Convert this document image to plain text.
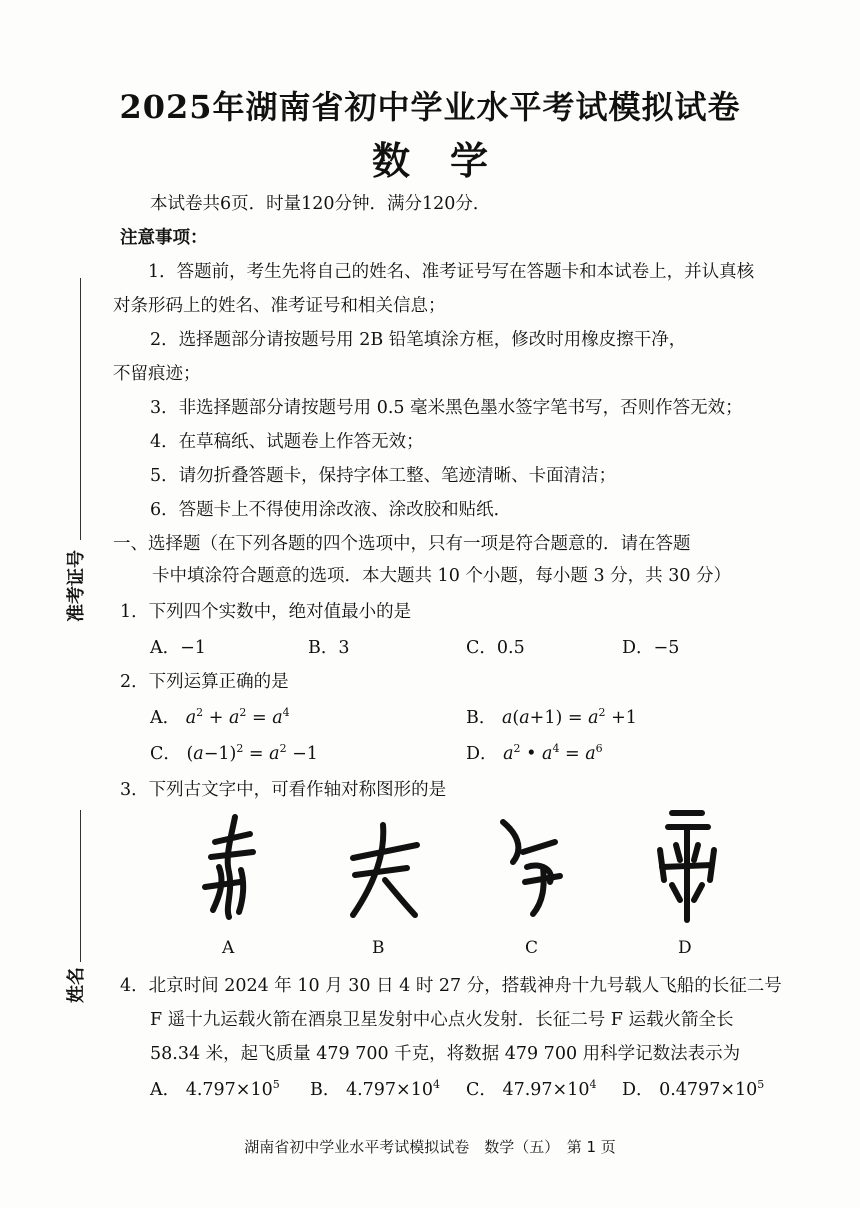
2025年湖南省初中学业水平考试模拟试卷
数学
本试卷共6页．时量120分钟．满分120分．
注意事项：
1．答题前，考生先将自己的姓名、准考证号写在答题卡和本试卷上，并认真核
对条形码上的姓名、准考证号和相关信息；
2．选择题部分请按题号用 2B 铅笔填涂方框，修改时用橡皮擦干净，
不留痕迹；
3．非选择题部分请按题号用 0.5 毫米黑色墨水签字笔书写，否则作答无效；
4．在草稿纸、试题卷上作答无效；
5．请勿折叠答题卡，保持字体工整、笔迹清晰、卡面清洁；
6．答题卡上不得使用涂改液、涂改胶和贴纸．
一、选择题（在下列各题的四个选项中，只有一项是符合题意的．请在答题
卡中填涂符合题意的选项．本大题共 10 个小题，每小题 3 分，共 30 分）
1．下列四个实数中，绝对值最小的是
A．−1	B．3	C．0.5	D．−5
2．下列运算正确的是
A． $a^2 + a^2 = a^4$	B． $a(a+1) = a^2 +1$
C． $(a-1)^2 = a^2 -1$	D． $a^2$ • $a^4 = a^6$
3．下列古文字中，可看作轴对称图形的是
A	B	C	D
4．北京时间 2024 年 10 月 30 日 4 时 27 分，搭载神舟十九号载人飞船的长征二号
F 遥十九运载火箭在酒泉卫星发射中心点火发射．长征二号 F 运载火箭全长
58.34 米，起飞质量 479 700 千克，将数据 479 700 用科学记数法表示为
A． $4.797\times 10^5$ B． $4.797\times 10^4$ C． $47.97\times 10^4$ D． $0.4797\times 10^5$
准考证号
姓名
湖南省初中学业水平考试模拟试卷　数学（五）　第 1 页
